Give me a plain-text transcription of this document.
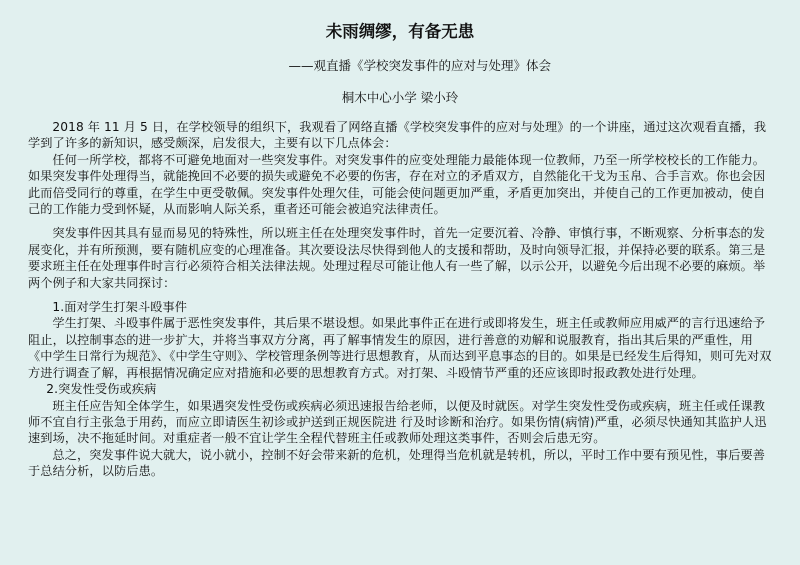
未雨绸缪，有备无患

——观直播《学校突发事件的应对与处理》体会

桐木中心小学 梁小玲

2018 年 11 月 5 日，在学校领导的组织下，我观看了网络直播《学校突发事件的应对与处理》的一个讲座，通过这次观看直播，我学到了许多的新知识，感受颇深，启发很大，主要有以下几点体会：

任何一所学校，都将不可避免地面对一些突发事件。对突发事件的应变处理能力最能体现一位教师，乃至一所学校校长的工作能力。 如果突发事件处理得当，就能挽回不必要的损失或避免不必要的伤害，存在对立的矛盾双方，自然能化干戈为玉帛、合手言欢。你也会因此而倍受同行的尊重，在学生中更受敬佩。突发事件处理欠佳，可能会使问题更加严重，矛盾更加突出，并使自己的工作更加被动，使自己的工作能力受到怀疑，从而影响人际关系，重者还可能会被追究法律责任。

突发事件因其具有显而易见的特殊性，所以班主任在处理突发事件时，首先一定要沉着、冷静、审慎行事，不断观察、分析事态的发展变化，并有所预测，要有随机应变的心理准备。其次要设法尽快得到他人的支援和帮助，及时向领导汇报，并保持必要的联系。第三是要求班主任在处理事件时言行必须符合相关法律法规。处理过程尽可能让他人有一些了解，以示公开，以避免今后出现不必要的麻烦。举两个例子和大家共同探讨：

1.面对学生打架斗殴事件

学生打架、斗殴事件属于恶性突发事件，其后果不堪设想。如果此事件正在进行或即将发生，班主任或教师应用威严的言行迅速给予阻止，以控制事态的进一步扩大，并将当事双方分离，再了解事情发生的原因，进行善意的劝解和说服教育，指出其后果的严重性，用《中学生日常行为规范》、《中学生守则》、学校管理条例等进行思想教育，从而达到平息事态的目的。如果是已经发生后得知，则可先对双方进行调查了解，再根据情况确定应对措施和必要的思想教育方式。对打架、斗殴情节严重的还应该即时报政教处进行处理。

2.突发性受伤或疾病

班主任应告知全体学生，如果遇突发性受伤或疾病必须迅速报告给老师，以便及时就医。对学生突发性受伤或疾病，班主任或任课教师不宜自行主张急于用药，而应立即请医生初诊或护送到正规医院进 行及时诊断和治疗。如果伤情(病情)严重，必须尽快通知其监护人迅速到场，决不拖延时间。对重症者一般不宜让学生全程代替班主任或教师处理这类事件，否则会后患无穷。

总之，突发事件说大就大，说小就小，控制不好会带来新的危机，处理得当危机就是转机，所以，平时工作中要有预见性，事后要善于总结分析，以防后患。
